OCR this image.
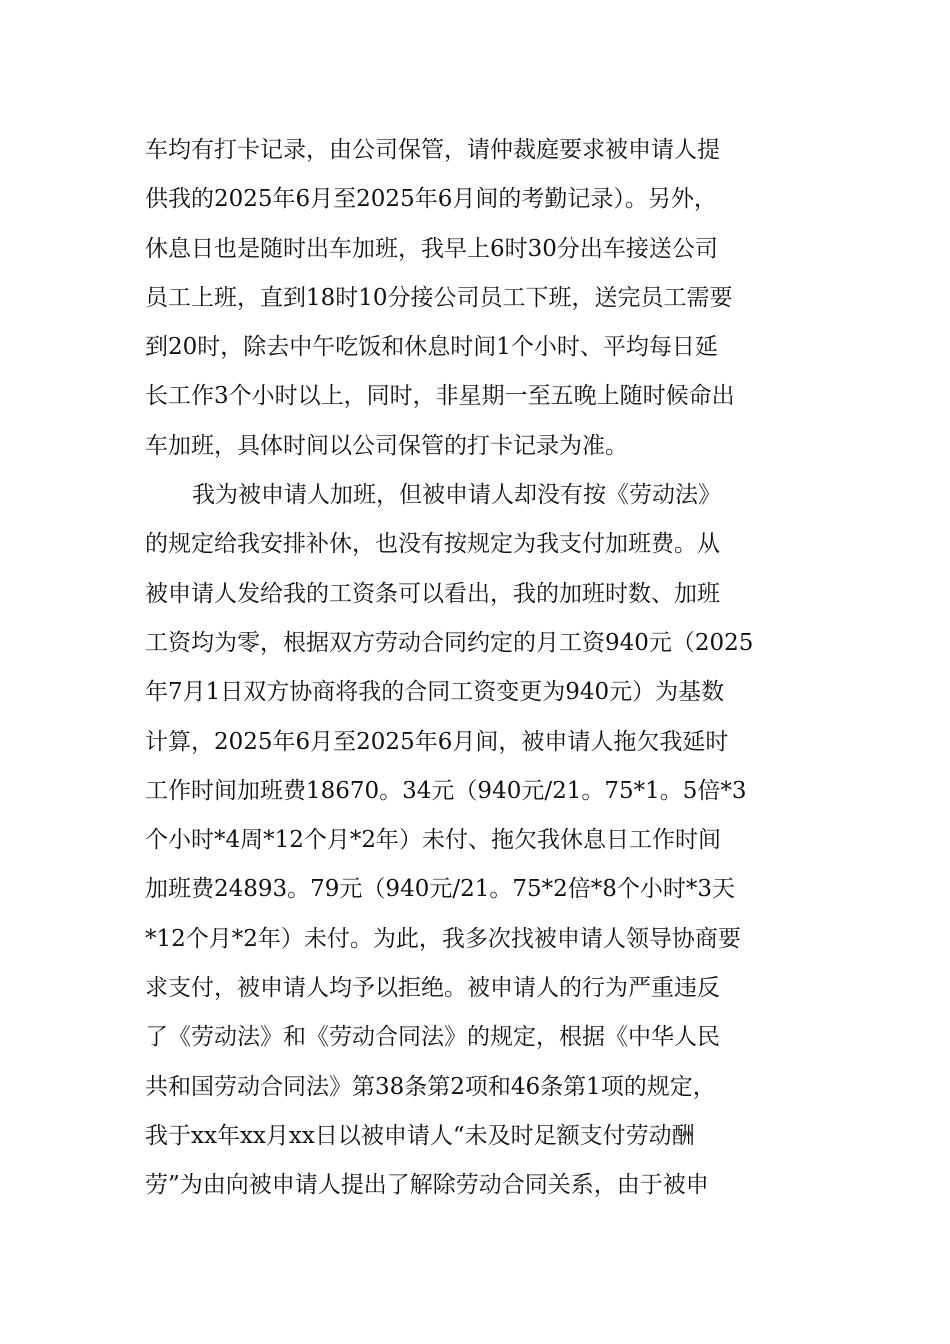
车均有打卡记录，由公司保管，请仲裁庭要求被申请人提
供我的2025年6月至2025年6月间的考勤记录）。另外，
休息日也是随时出车加班，我早上6时30分出车接送公司
员工上班，直到18时10分接公司员工下班，送完员工需要
到20时，除去中午吃饭和休息时间1个小时、平均每日延
长工作3个小时以上，同时，非星期一至五晚上随时候命出
车加班，具体时间以公司保管的打卡记录为准。
我为被申请人加班，但被申请人却没有按《劳动法》
的规定给我安排补休，也没有按规定为我支付加班费。从
被申请人发给我的工资条可以看出，我的加班时数、加班
工资均为零，根据双方劳动合同约定的月工资940元（2025
年7月1日双方协商将我的合同工资变更为940元）为基数
计算，2025年6月至2025年6月间，被申请人拖欠我延时
工作时间加班费18670。34元（940元/21。75*1。5倍*3
个小时*4周*12个月*2年）未付、拖欠我休息日工作时间
加班费24893。79元（940元/21。75*2倍*8个小时*3天
*12个月*2年）未付。为此，我多次找被申请人领导协商要
求支付，被申请人均予以拒绝。被申请人的行为严重违反
了《劳动法》和《劳动合同法》的规定，根据《中华人民
共和国劳动合同法》第38条第2项和46条第1项的规定，
我于xx年xx月xx日以被申请人“未及时足额支付劳动酬
劳”为由向被申请人提出了解除劳动合同关系，由于被申
